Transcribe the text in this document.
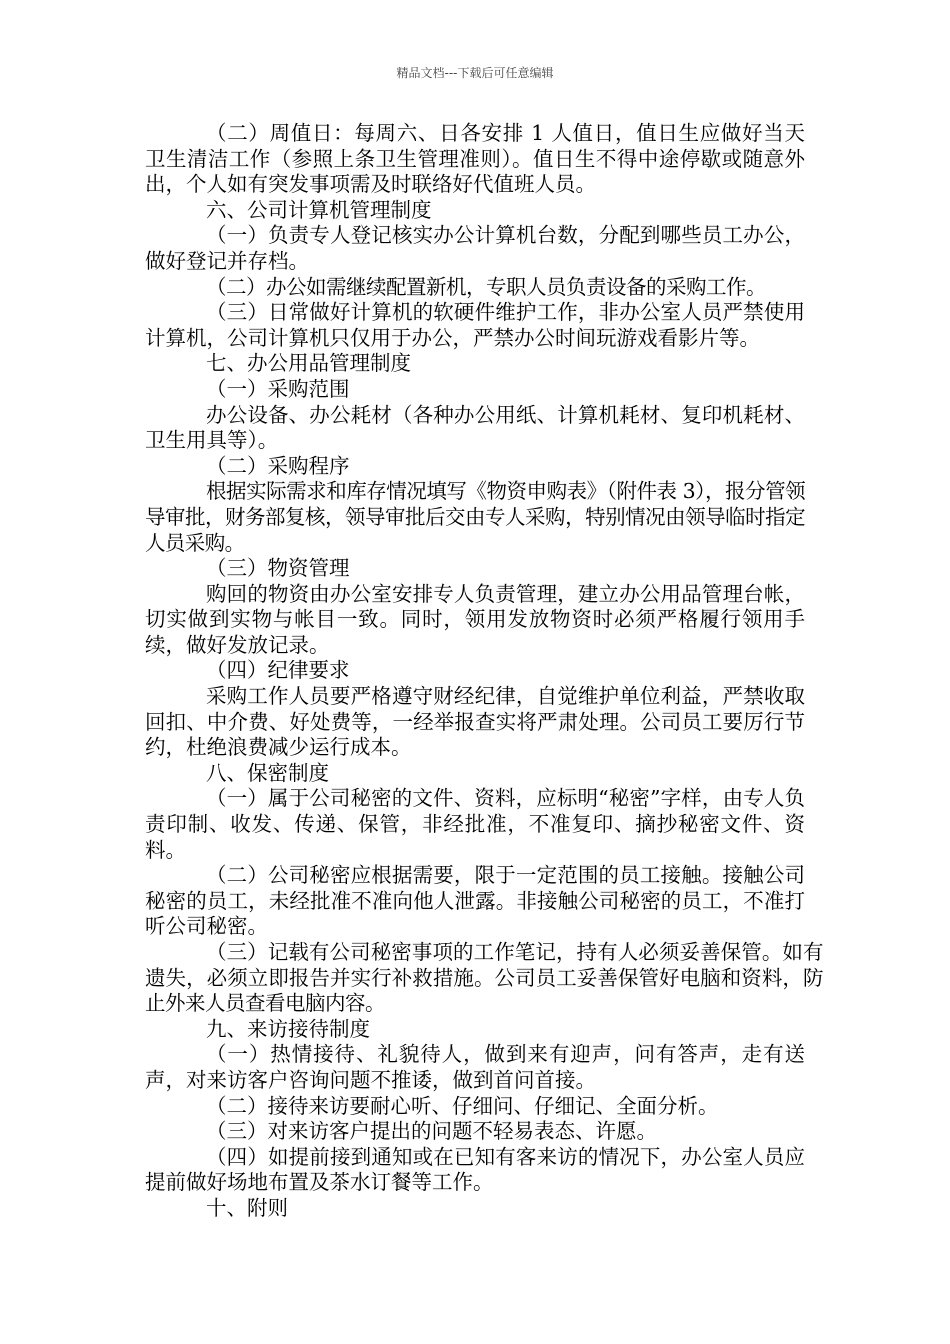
精品文档---下载后可任意编辑

（二）周值日：每周六、日各安排 1 人值日，值日生应做好当天卫生清洁工作（参照上条卫生管理准则）。值日生不得中途停歇或随意外出，个人如有突发事项需及时联络好代值班人员。

六、公司计算机管理制度

（一）负责专人登记核实办公计算机台数，分配到哪些员工办公，做好登记并存档。

（二）办公如需继续配置新机，专职人员负责设备的采购工作。

（三）日常做好计算机的软硬件维护工作，非办公室人员严禁使用计算机，公司计算机只仅用于办公，严禁办公时间玩游戏看影片等。

七、办公用品管理制度

（一）采购范围

办公设备、办公耗材（各种办公用纸、计算机耗材、复印机耗材、卫生用具等）。

（二）采购程序

根据实际需求和库存情况填写《物资申购表》（附件表 3），报分管领导审批，财务部复核，领导审批后交由专人采购，特别情况由领导临时指定人员采购。

（三）物资管理

购回的物资由办公室安排专人负责管理，建立办公用品管理台帐，切实做到实物与帐目一致。同时，领用发放物资时必须严格履行领用手续，做好发放记录。

（四）纪律要求

采购工作人员要严格遵守财经纪律，自觉维护单位利益，严禁收取回扣、中介费、好处费等，一经举报查实将严肃处理。公司员工要厉行节约，杜绝浪费减少运行成本。

八、保密制度

（一）属于公司秘密的文件、资料，应标明“秘密”字样，由专人负责印制、收发、传递、保管，非经批准，不准复印、摘抄秘密文件、资料。

（二）公司秘密应根据需要，限于一定范围的员工接触。接触公司秘密的员工，未经批准不准向他人泄露。非接触公司秘密的员工，不准打听公司秘密。

（三）记载有公司秘密事项的工作笔记，持有人必须妥善保管。如有遗失，必须立即报告并实行补救措施。公司员工妥善保管好电脑和资料，防止外来人员查看电脑内容。

九、来访接待制度

（一）热情接待、礼貌待人，做到来有迎声，问有答声，走有送声，对来访客户咨询问题不推诿，做到首问首接。

（二）接待来访要耐心听、仔细问、仔细记、全面分析。

（三）对来访客户提出的问题不轻易表态、许愿。

（四）如提前接到通知或在已知有客来访的情况下，办公室人员应提前做好场地布置及茶水订餐等工作。

十、附则
